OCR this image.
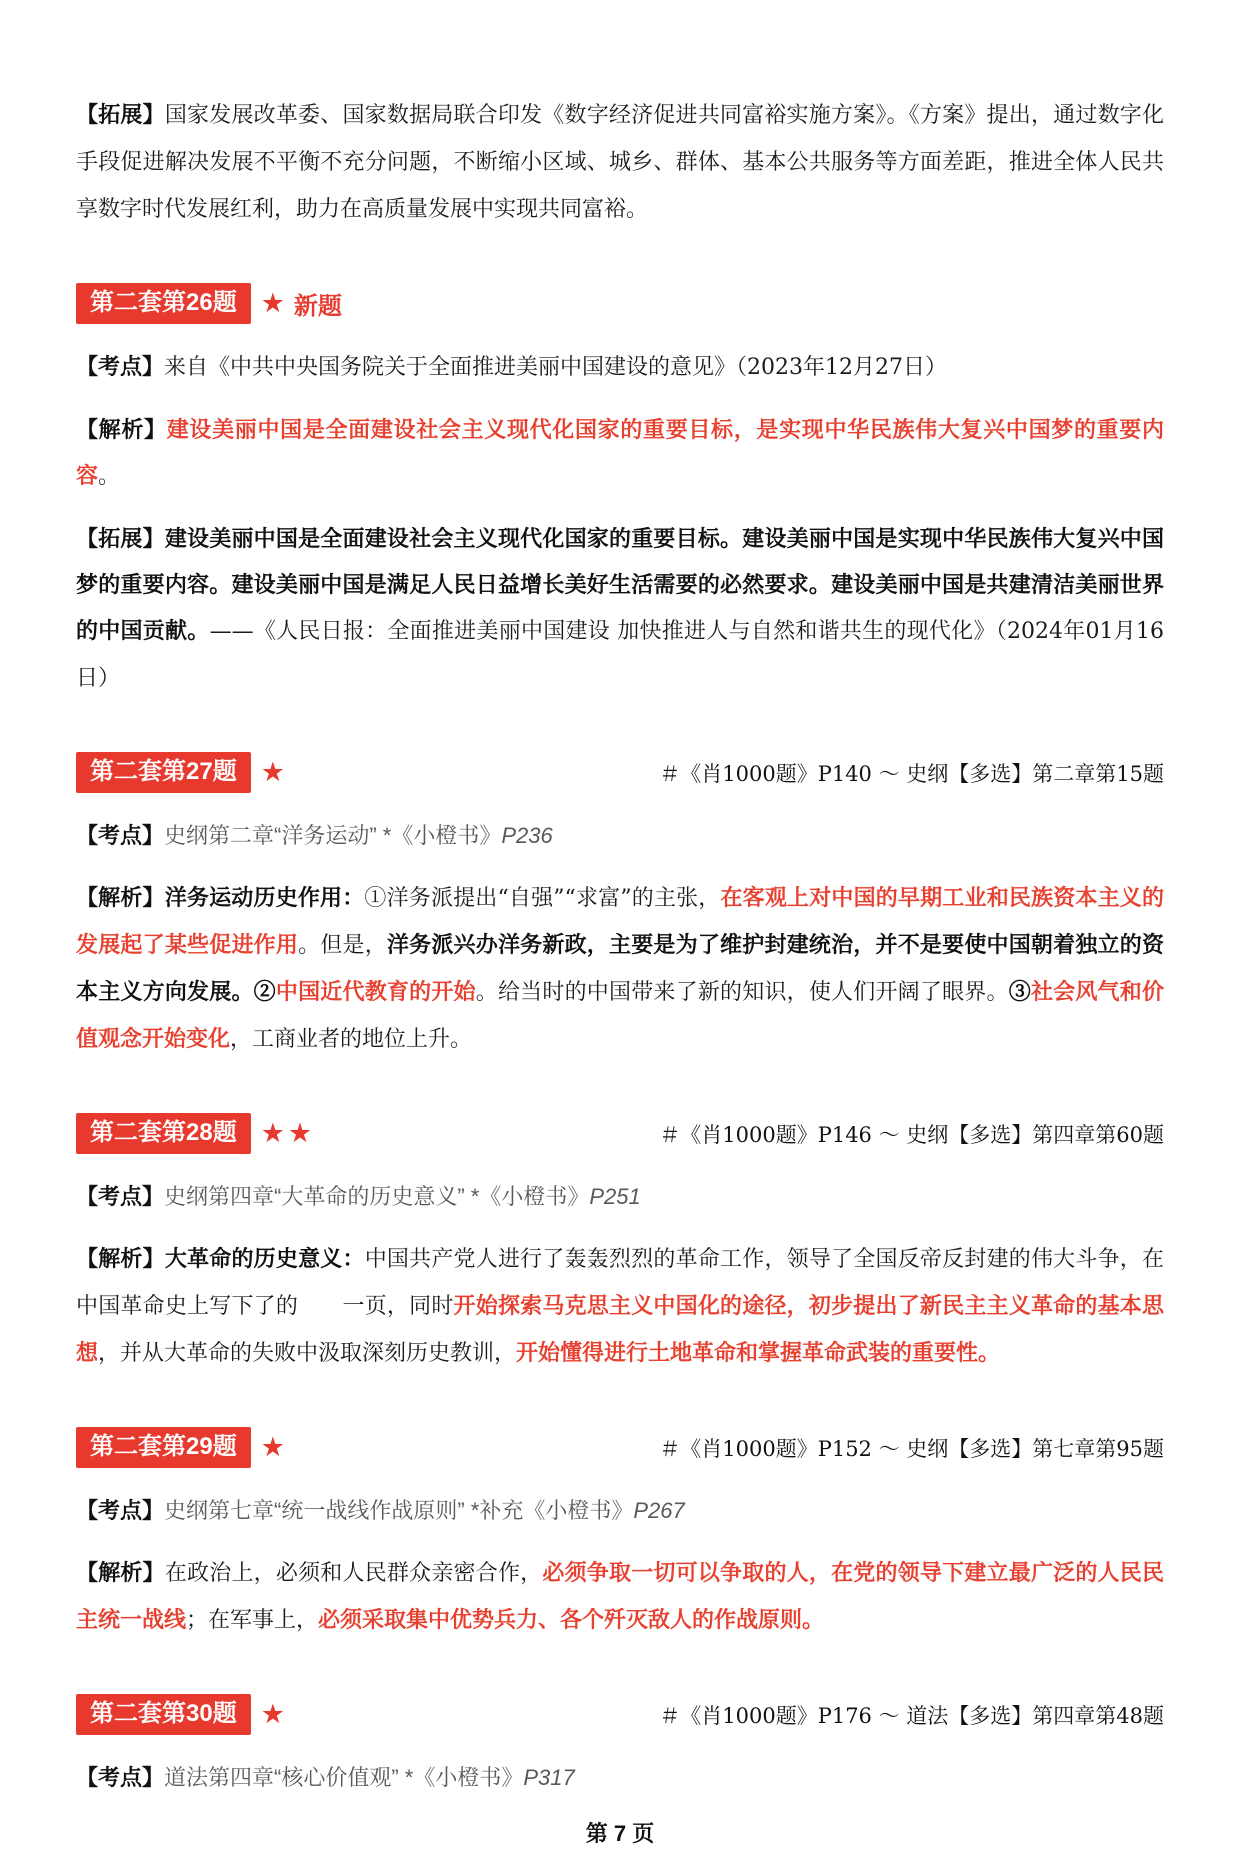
【拓展】国家发展改革委、国家数据局联合印发《数字经济促进共同富裕实施方案》。《方案》提出，通过数字化手段促进解决发展不平衡不充分问题，不断缩小区域、城乡、群体、基本公共服务等方面差距，推进全体人民共享数字时代发展红利，助力在高质量发展中实现共同富裕。

第二套第26题 ★ 新题

【考点】来自《中共中央国务院关于全面推进美丽中国建设的意见》（2023年12月27日）

【解析】建设美丽中国是全面建设社会主义现代化国家的重要目标，是实现中华民族伟大复兴中国梦的重要内容。

【拓展】建设美丽中国是全面建设社会主义现代化国家的重要目标。建设美丽中国是实现中华民族伟大复兴中国梦的重要内容。建设美丽中国是满足人民日益增长美好生活需要的必然要求。建设美丽中国是共建清洁美丽世界的中国贡献。——《人民日报：全面推进美丽中国建设 加快推进人与自然和谐共生的现代化》（2024年01月16日）

第二套第27题 ★	＃《肖1000题》P140 ～ 史纲【多选】第二章第15题

【考点】史纲第二章“洋务运动” *《小橙书》P236

【解析】洋务运动历史作用：①洋务派提出“自强”“求富”的主张，在客观上对中国的早期工业和民族资本主义的发展起了某些促进作用。但是，洋务派兴办洋务新政，主要是为了维护封建统治，并不是要使中国朝着独立的资本主义方向发展。②中国近代教育的开始。给当时的中国带来了新的知识，使人们开阔了眼界。③社会风气和价值观念开始变化，工商业者的地位上升。

第二套第28题 ★★	＃《肖1000题》P146 ～ 史纲【多选】第四章第60题

【考点】史纲第四章“大革命的历史意义” *《小橙书》P251

【解析】大革命的历史意义：中国共产党人进行了轰轰烈烈的革命工作，领导了全国反帝反封建的伟大斗争，在中国革命史上写下了的　　一页，同时开始探索马克思主义中国化的途径，初步提出了新民主主义革命的基本思想，并从大革命的失败中汲取深刻历史教训，开始懂得进行土地革命和掌握革命武装的重要性。

第二套第29题 ★	＃《肖1000题》P152 ～ 史纲【多选】第七章第95题

【考点】史纲第七章“统一战线作战原则” *补充《小橙书》P267

【解析】在政治上，必须和人民群众亲密合作，必须争取一切可以争取的人，在党的领导下建立最广泛的人民民主统一战线；在军事上，必须采取集中优势兵力、各个歼灭敌人的作战原则。

第二套第30题 ★	＃《肖1000题》P176 ～ 道法【多选】第四章第48题

【考点】道法第四章“核心价值观” *《小橙书》P317

第 7 页
